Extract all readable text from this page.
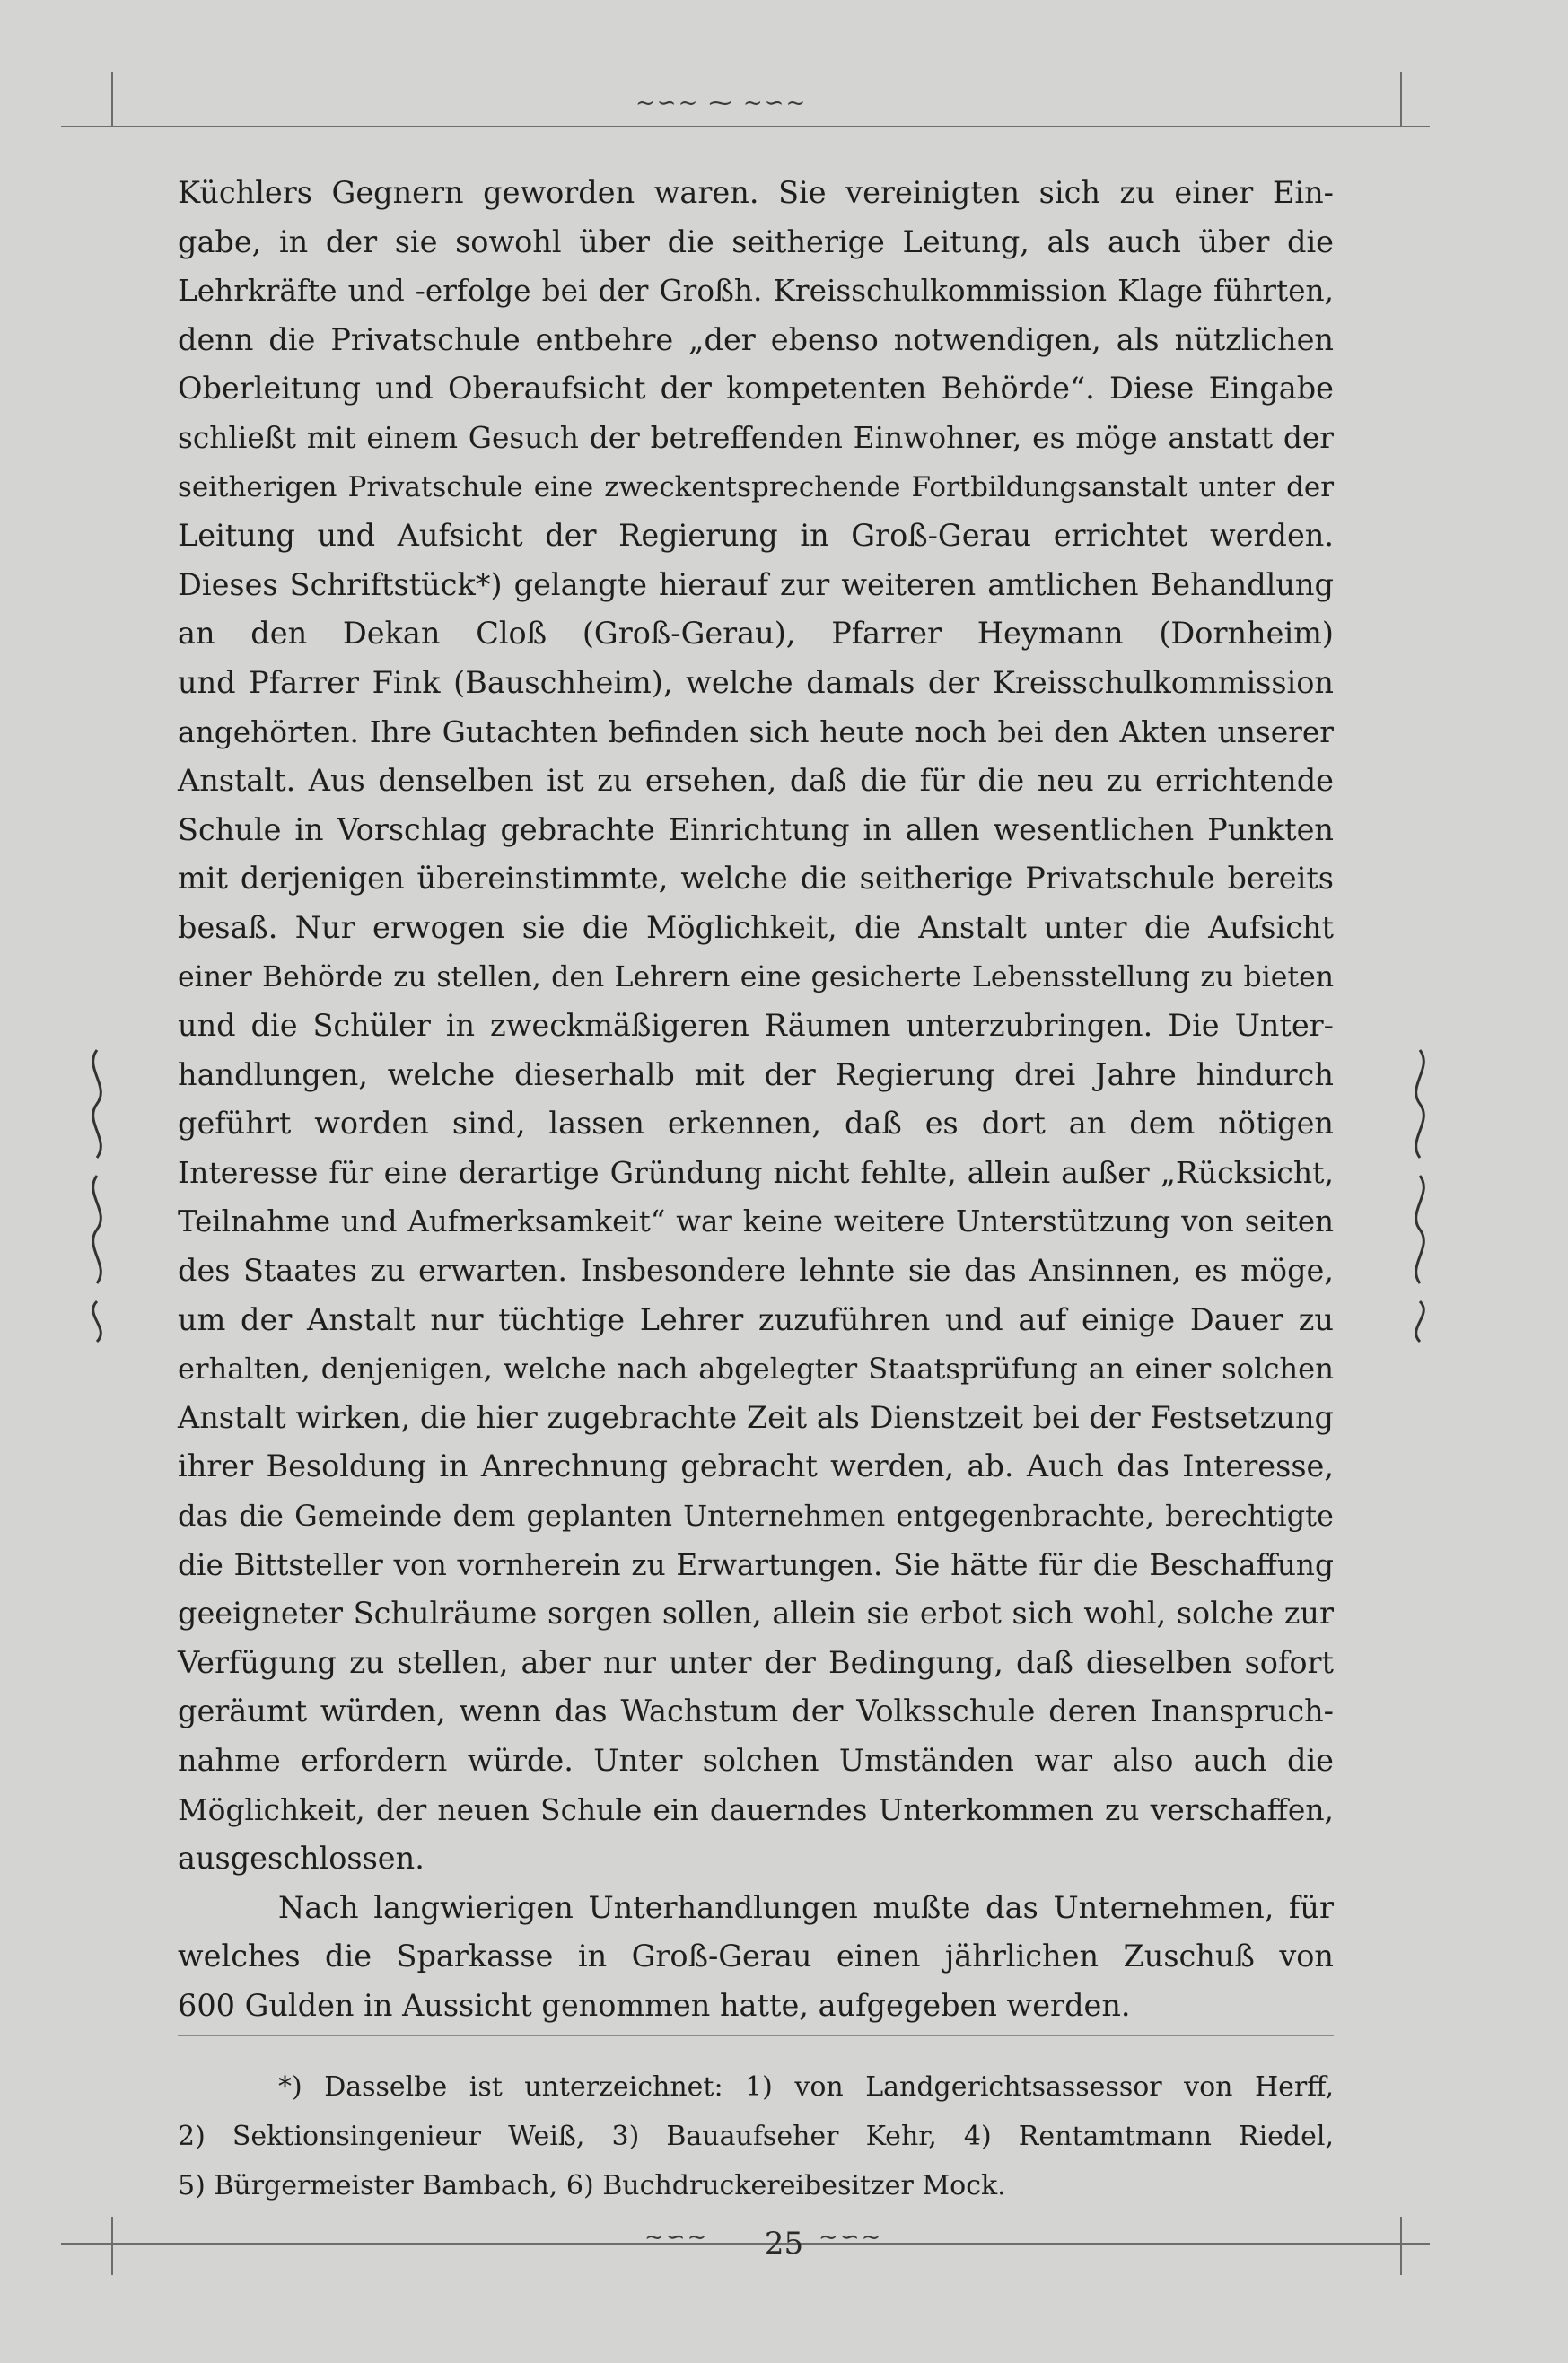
~∽~ ⁓ ~∽~
Küchlers Gegnern geworden waren. Sie vereinigten sich zu einer Ein-
gabe, in der sie sowohl über die seitherige Leitung, als auch über die
Lehrkräfte und -erfolge bei der Großh. Kreisschulkommission Klage führten,
denn die Privatschule entbehre „der ebenso notwendigen, als nützlichen
Oberleitung und Oberaufsicht der kompetenten Behörde“. Diese Eingabe
schließt mit einem Gesuch der betreffenden Einwohner, es möge anstatt der
seitherigen Privatschule eine zweckentsprechende Fortbildungsanstalt unter der
Leitung und Aufsicht der Regierung in Groß-Gerau errichtet werden.
Dieses Schriftstück*) gelangte hierauf zur weiteren amtlichen Behandlung
an den Dekan Cloß (Groß-Gerau), Pfarrer Heymann (Dornheim)
und Pfarrer Fink (Bauschheim), welche damals der Kreisschulkommission
angehörten. Ihre Gutachten befinden sich heute noch bei den Akten unserer
Anstalt. Aus denselben ist zu ersehen, daß die für die neu zu errichtende
Schule in Vorschlag gebrachte Einrichtung in allen wesentlichen Punkten
mit derjenigen übereinstimmte, welche die seitherige Privatschule bereits
besaß. Nur erwogen sie die Möglichkeit, die Anstalt unter die Aufsicht
einer Behörde zu stellen, den Lehrern eine gesicherte Lebensstellung zu bieten
und die Schüler in zweckmäßigeren Räumen unterzubringen. Die Unter-
handlungen, welche dieserhalb mit der Regierung drei Jahre hindurch
geführt worden sind, lassen erkennen, daß es dort an dem nötigen
Interesse für eine derartige Gründung nicht fehlte, allein außer „Rücksicht,
Teilnahme und Aufmerksamkeit“ war keine weitere Unterstützung von seiten
des Staates zu erwarten. Insbesondere lehnte sie das Ansinnen, es möge,
um der Anstalt nur tüchtige Lehrer zuzuführen und auf einige Dauer zu
erhalten, denjenigen, welche nach abgelegter Staatsprüfung an einer solchen
Anstalt wirken, die hier zugebrachte Zeit als Dienstzeit bei der Festsetzung
ihrer Besoldung in Anrechnung gebracht werden, ab. Auch das Interesse,
das die Gemeinde dem geplanten Unternehmen entgegenbrachte, berechtigte
die Bittsteller von vornherein zu Erwartungen. Sie hätte für die Beschaffung
geeigneter Schulräume sorgen sollen, allein sie erbot sich wohl, solche zur
Verfügung zu stellen, aber nur unter der Bedingung, daß dieselben sofort
geräumt würden, wenn das Wachstum der Volksschule deren Inanspruch-
nahme erfordern würde. Unter solchen Umständen war also auch die
Möglichkeit, der neuen Schule ein dauerndes Unterkommen zu verschaffen,
ausgeschlossen.
Nach langwierigen Unterhandlungen mußte das Unternehmen, für
welches die Sparkasse in Groß-Gerau einen jährlichen Zuschuß von
600 Gulden in Aussicht genommen hatte, aufgegeben werden.
*) Dasselbe ist unterzeichnet: 1) von Landgerichtsassessor von Herff,
2) Sektionsingenieur Weiß, 3) Bauaufseher Kehr, 4) Rentamtmann Riedel,
5) Bürgermeister Bambach, 6) Buchdruckereibesitzer Mock.
~∽~	~∽~
25
